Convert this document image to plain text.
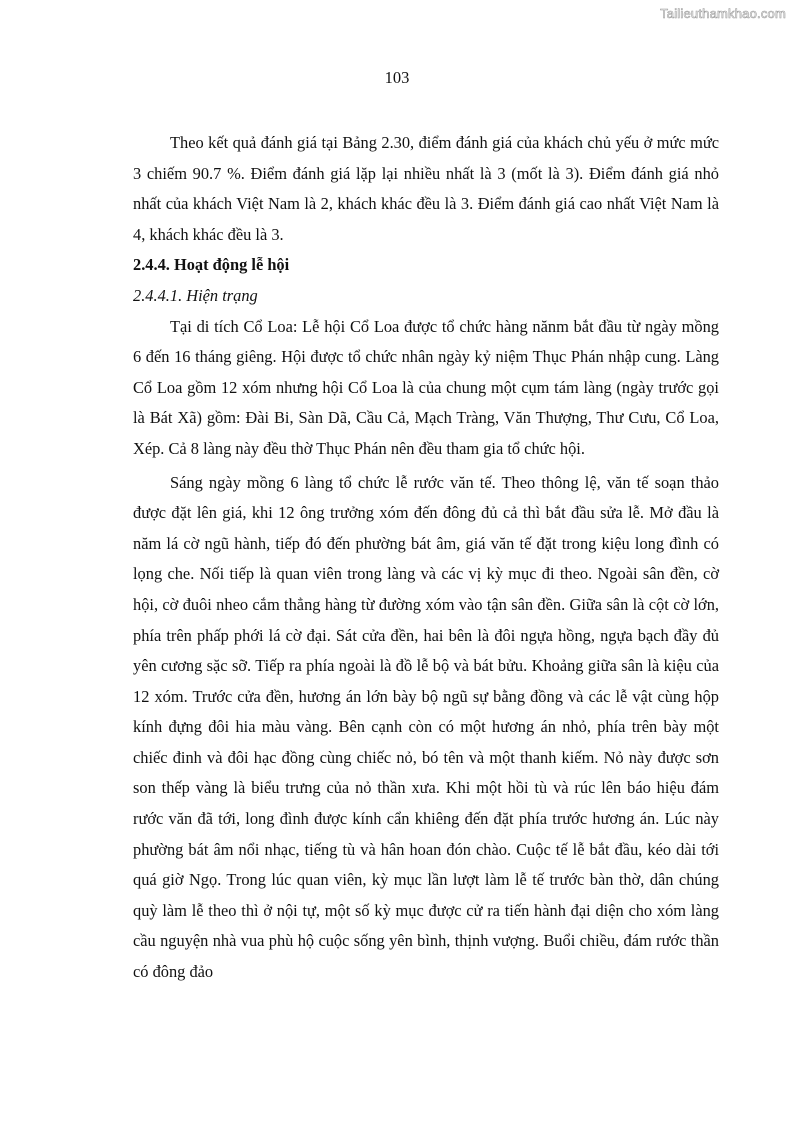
Tailieuthamkhao.com
103

Theo kết quả đánh giá tại Bảng 2.30, điểm đánh giá của khách chủ yếu ở mức mức 3 chiếm 90.7 %. Điểm đánh giá lặp lại nhiều nhất là 3 (mốt là 3). Điểm đánh giá nhỏ nhất của khách Việt Nam là 2, khách khác đều là 3. Điểm đánh giá cao nhất Việt Nam là 4, khách khác đều là 3.

2.4.4. Hoạt động lễ hội

2.4.4.1. Hiện trạng

Tại di tích Cổ Loa: Lễ hội Cổ Loa được tổ chức hàng nănm bắt đầu từ ngày mồng 6 đến 16 tháng giêng. Hội được tổ chức nhân ngày kỷ niệm Thục Phán nhập cung. Làng Cổ Loa gồm 12 xóm nhưng hội Cổ Loa là của chung một cụm tám làng (ngày trước gọi là Bát Xã) gồm: Đài Bi, Sàn Dã, Cầu Cả, Mạch Tràng, Văn Thượng, Thư Cưu, Cổ Loa, Xép. Cả 8 làng này đều thờ Thục Phán nên đều tham gia tổ chức hội.

Sáng ngày mồng 6 làng tổ chức lễ rước văn tế. Theo thông lệ, văn tế soạn thảo được đặt lên giá, khi 12 ông trưởng xóm đến đông đủ cả thì bắt đầu sửa lễ. Mở đầu là năm lá cờ ngũ hành, tiếp đó đến phường bát âm, giá văn tế đặt trong kiệu long đình có lọng che. Nối tiếp là quan viên trong làng và các vị kỳ mục đi theo. Ngoài sân đền, cờ hội, cờ đuôi nheo cắm thẳng hàng từ đường xóm vào tận sân đền. Giữa sân là cột cờ lớn, phía trên phấp phới lá cờ đại. Sát cửa đền, hai bên là đôi ngựa hồng, ngựa bạch đầy đủ yên cương sặc sỡ. Tiếp ra phía ngoài là đồ lễ bộ và bát bửu. Khoảng giữa sân là kiệu của 12 xóm. Trước cửa đền, hương án lớn bày bộ ngũ sự bằng đồng và các lễ vật cùng hộp kính đựng đôi hia màu vàng. Bên cạnh còn có một hương án nhỏ, phía trên bày một chiếc đinh và đôi hạc đồng cùng chiếc nỏ, bó tên và một thanh kiếm. Nỏ này được sơn son thếp vàng là biểu trưng của nỏ thần xưa. Khi một hồi tù và rúc lên báo hiệu đám rước văn đã tới, long đình được kính cẩn khiêng đến đặt phía trước hương án. Lúc này phường bát âm nổi nhạc, tiếng tù và hân hoan đón chào. Cuộc tế lễ bắt đầu, kéo dài tới quá giờ Ngọ. Trong lúc quan viên, kỳ mục lần lượt làm lễ tế trước bàn thờ, dân chúng quỳ làm lễ theo thì ở nội tự, một số kỳ mục được cử ra tiến hành đại diện cho xóm làng cầu nguyện nhà vua phù hộ cuộc sống yên bình, thịnh vượng. Buổi chiều, đám rước thần có đông đảo
